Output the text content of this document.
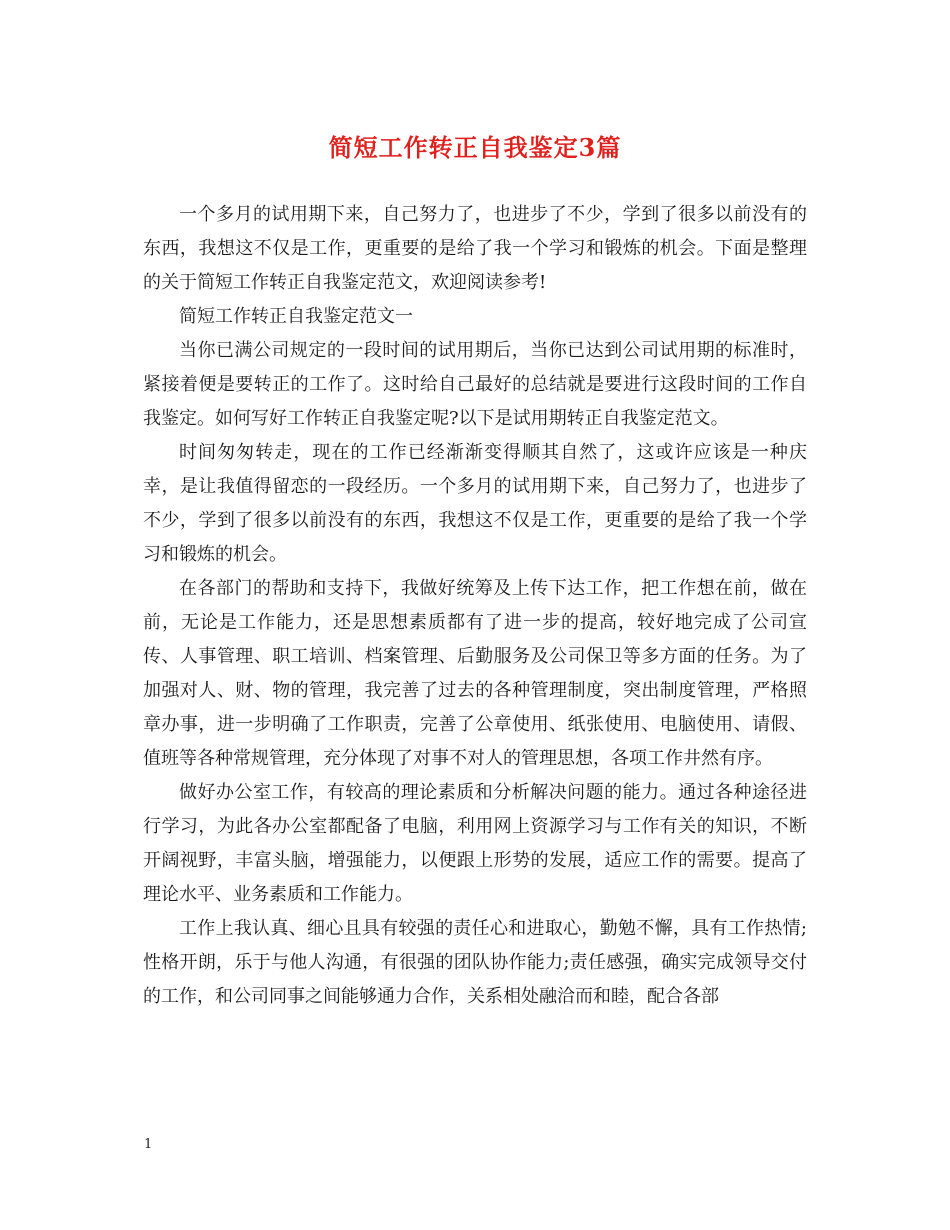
简短工作转正自我鉴定3篇

一个多月的试用期下来，自己努力了，也进步了不少，学到了很多以前没有的东西，我想这不仅是工作，更重要的是给了我一个学习和锻炼的机会。下面是整理的关于简短工作转正自我鉴定范文，欢迎阅读参考!

简短工作转正自我鉴定范文一

当你已满公司规定的一段时间的试用期后，当你已达到公司试用期的标准时，紧接着便是要转正的工作了。这时给自己最好的总结就是要进行这段时间的工作自我鉴定。如何写好工作转正自我鉴定呢?以下是试用期转正自我鉴定范文。

时间匆匆转走，现在的工作已经渐渐变得顺其自然了，这或许应该是一种庆幸，是让我值得留恋的一段经历。一个多月的试用期下来，自己努力了，也进步了不少，学到了很多以前没有的东西，我想这不仅是工作，更重要的是给了我一个学习和锻炼的机会。

在各部门的帮助和支持下，我做好统筹及上传下达工作，把工作想在前，做在前，无论是工作能力，还是思想素质都有了进一步的提高，较好地完成了公司宣传、人事管理、职工培训、档案管理、后勤服务及公司保卫等多方面的任务。为了加强对人、财、物的管理，我完善了过去的各种管理制度，突出制度管理，严格照章办事，进一步明确了工作职责，完善了公章使用、纸张使用、电脑使用、请假、值班等各种常规管理，充分体现了对事不对人的管理思想，各项工作井然有序。

做好办公室工作，有较高的理论素质和分析解决问题的能力。通过各种途径进行学习，为此各办公室都配备了电脑，利用网上资源学习与工作有关的知识，不断开阔视野，丰富头脑，增强能力，以便跟上形势的发展，适应工作的需要。提高了理论水平、业务素质和工作能力。

工作上我认真、细心且具有较强的责任心和进取心，勤勉不懈，具有工作热情;性格开朗，乐于与他人沟通，有很强的团队协作能力;责任感强，确实完成领导交付的工作，和公司同事之间能够通力合作，关系相处融洽而和睦，配合各部

1
